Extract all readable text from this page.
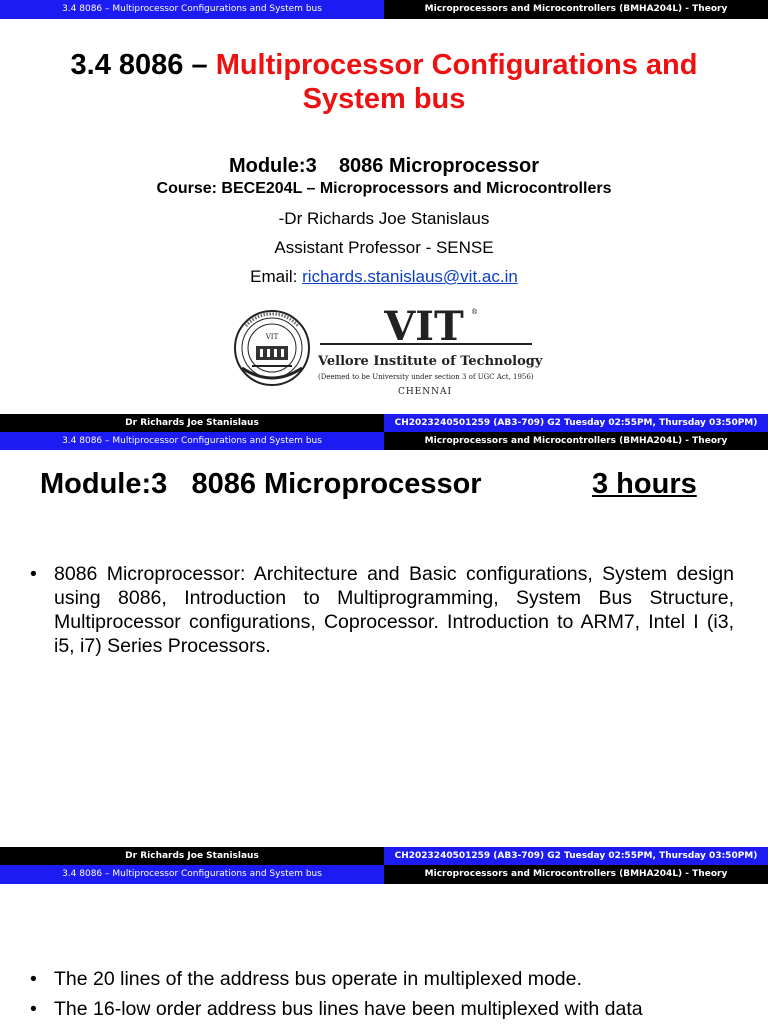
3.4 8086 – Multiprocessor Configurations and System bus	Microprocessors and Microcontrollers (BMHA204L) - Theory
3.4 8086 – Multiprocessor Configurations and
System bus
Module:3    8086 Microprocessor
Course: BECE204L – Microprocessors and Microcontrollers
-Dr Richards Joe Stanislaus
Assistant Professor - SENSE
Email: richards.stanislaus@vit.ac.in
VIT	VIT ®
Vellore Institute of Technology
(Deemed to be University under section 3 of UGC Act, 1956)
CHENNAI
Dr Richards Joe Stanislaus	CH2023240501259 (AB3-709) G2 Tuesday 02:55PM, Thursday 03:50PM)
3.4 8086 – Multiprocessor Configurations and System bus	Microprocessors and Microcontrollers (BMHA204L) - Theory
Module:3   8086 Microprocessor	3 hours
• 8086 Microprocessor: Architecture and Basic configurations, System design using 8086, Introduction to Multiprogramming, System Bus Structure, Multiprocessor configurations, Coprocessor. Introduction to ARM7, Intel I (i3, i5, i7) Series Processors.
Dr Richards Joe Stanislaus	CH2023240501259 (AB3-709) G2 Tuesday 02:55PM, Thursday 03:50PM)
3.4 8086 – Multiprocessor Configurations and System bus	Microprocessors and Microcontrollers (BMHA204L) - Theory
• The 20 lines of the address bus operate in multiplexed mode.
• The 16-low order address bus lines have been multiplexed with data
